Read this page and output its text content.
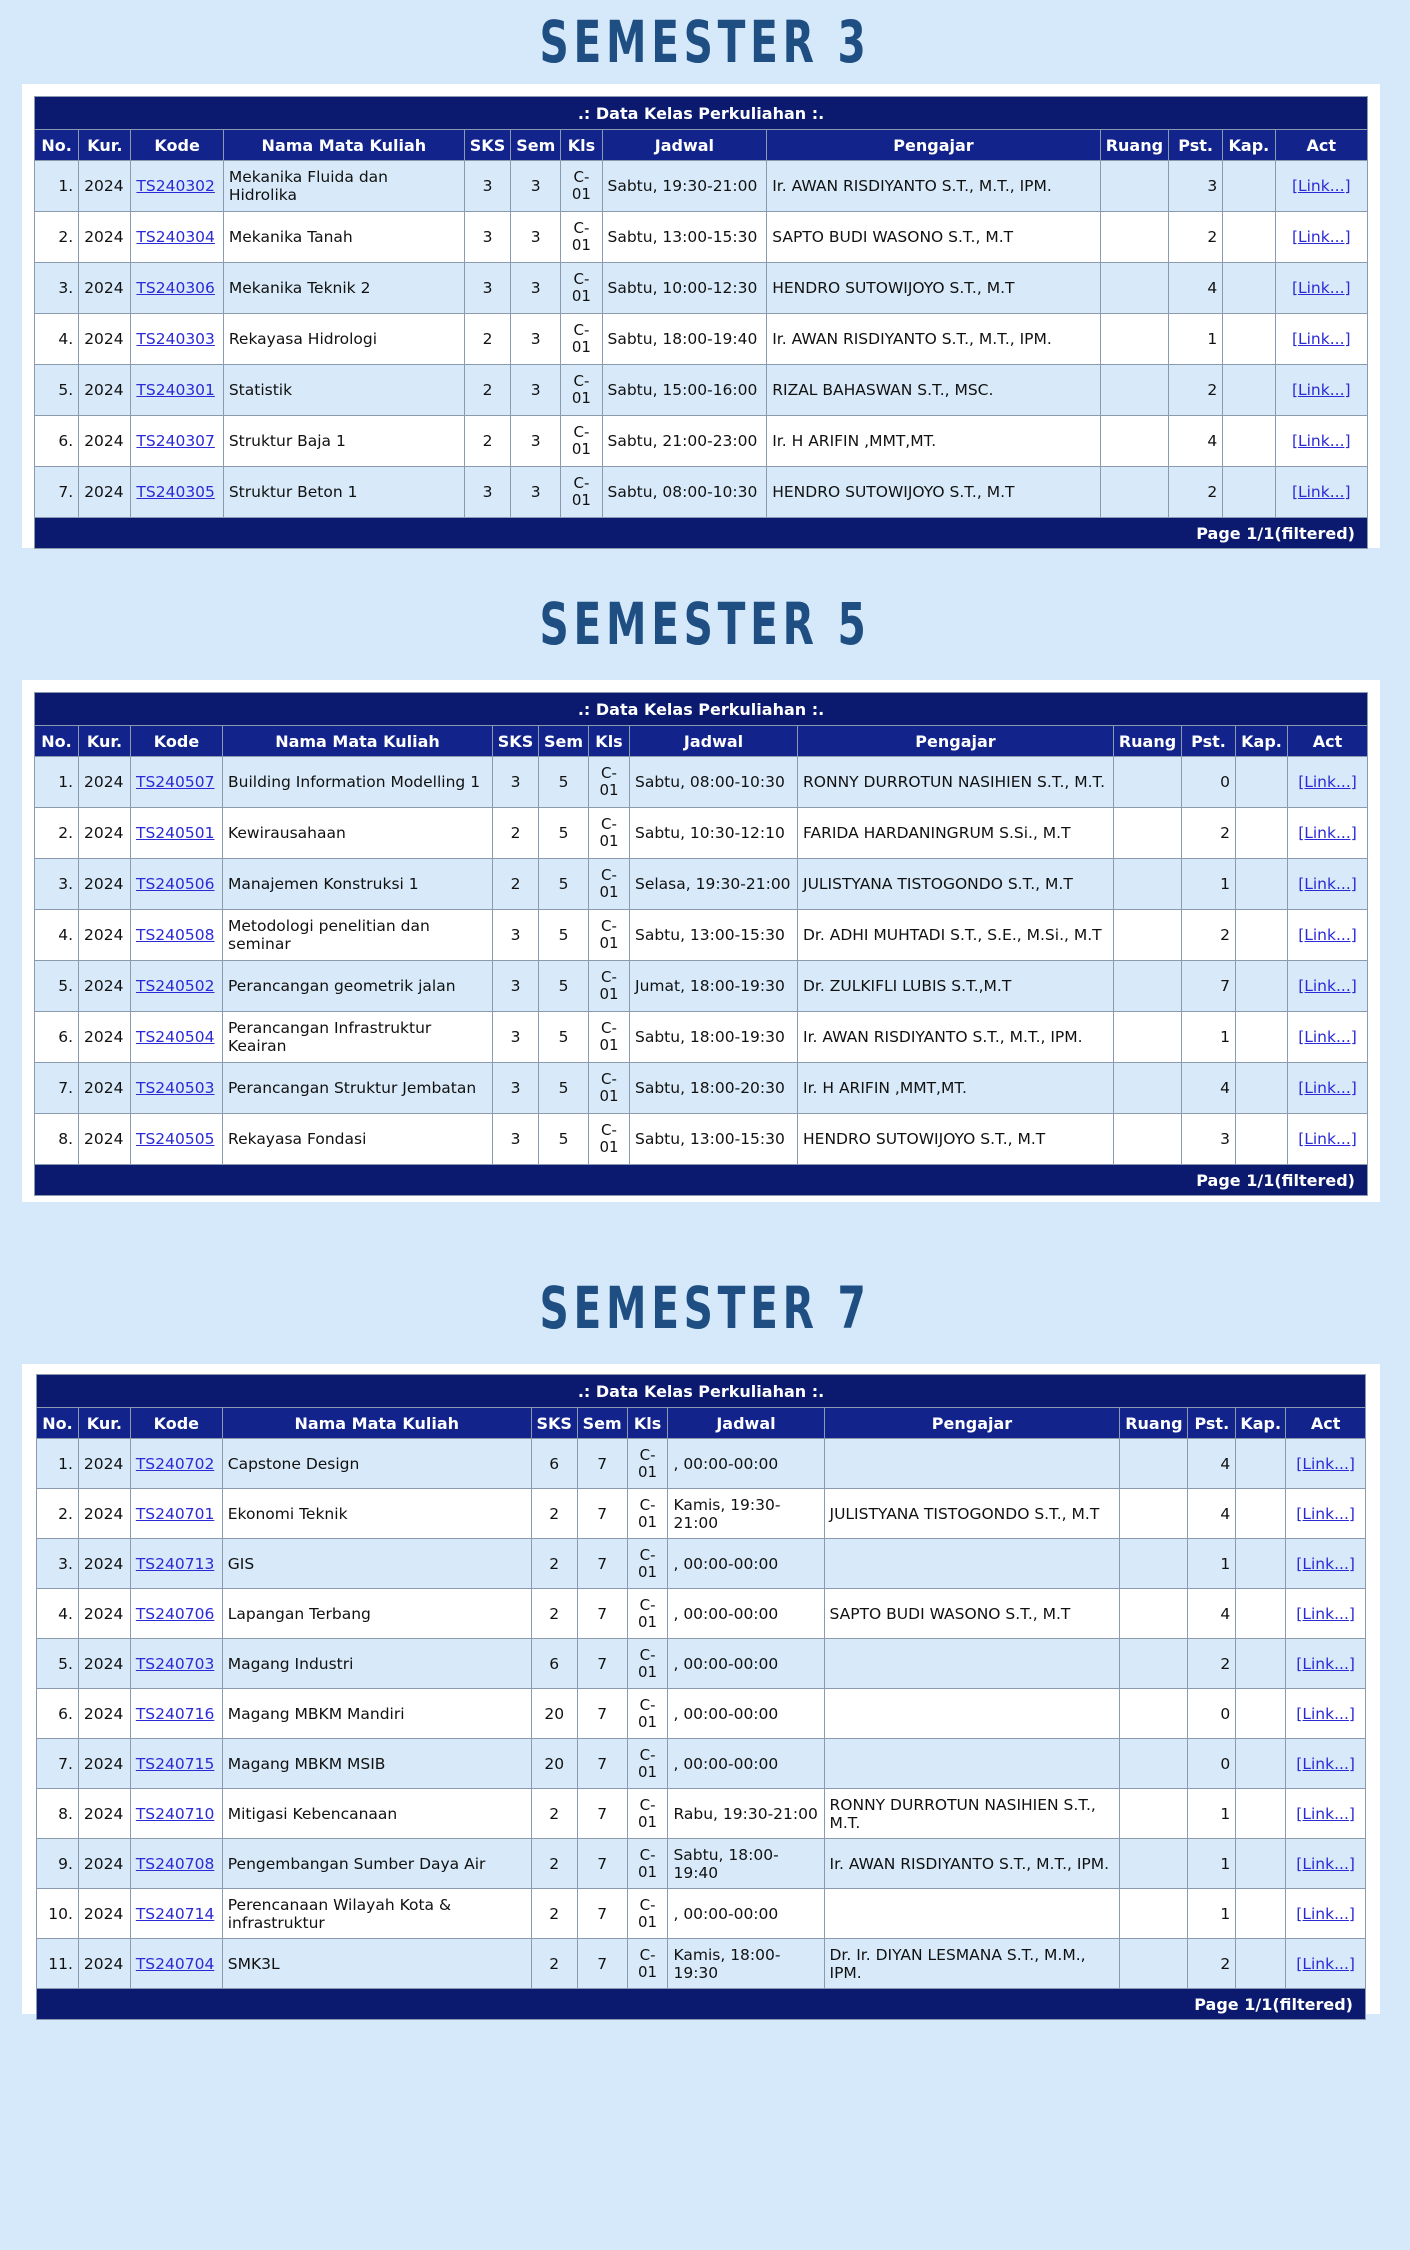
SEMESTER 3
.: Data Kelas Perkuliahan :.												
No.	Kur.	Kode	Nama Mata Kuliah	SKS	Sem	Kls	Jadwal	Pengajar	Ruang	Pst.	Kap.	Act
1.	2024	TS240302	Mekanika Fluida dan Hidrolika	3	3	C-01	Sabtu, 19:30-21:00	Ir. AWAN RISDIYANTO S.T., M.T., IPM.		3		[Link...]
2.	2024	TS240304	Mekanika Tanah	3	3	C-01	Sabtu, 13:00-15:30	SAPTO BUDI WASONO S.T., M.T		2		[Link...]
3.	2024	TS240306	Mekanika Teknik 2	3	3	C-01	Sabtu, 10:00-12:30	HENDRO SUTOWIJOYO S.T., M.T		4		[Link...]
4.	2024	TS240303	Rekayasa Hidrologi	2	3	C-01	Sabtu, 18:00-19:40	Ir. AWAN RISDIYANTO S.T., M.T., IPM.		1		[Link...]
5.	2024	TS240301	Statistik	2	3	C-01	Sabtu, 15:00-16:00	RIZAL BAHASWAN S.T., MSC.		2		[Link...]
6.	2024	TS240307	Struktur Baja 1	2	3	C-01	Sabtu, 21:00-23:00	Ir. H ARIFIN ,MMT,MT.		4		[Link...]
7.	2024	TS240305	Struktur Beton 1	3	3	C-01	Sabtu, 08:00-10:30	HENDRO SUTOWIJOYO S.T., M.T		2		[Link...]
Page 1/1(filtered)												
SEMESTER 5
.: Data Kelas Perkuliahan :.												
No.	Kur.	Kode	Nama Mata Kuliah	SKS	Sem	Kls	Jadwal	Pengajar	Ruang	Pst.	Kap.	Act
1.	2024	TS240507	Building Information Modelling 1	3	5	C-01	Sabtu, 08:00-10:30	RONNY DURROTUN NASIHIEN S.T., M.T.		0		[Link...]
2.	2024	TS240501	Kewirausahaan	2	5	C-01	Sabtu, 10:30-12:10	FARIDA HARDANINGRUM S.Si., M.T		2		[Link...]
3.	2024	TS240506	Manajemen Konstruksi 1	2	5	C-01	Selasa, 19:30-21:00	JULISTYANA TISTOGONDO S.T., M.T		1		[Link...]
4.	2024	TS240508	Metodologi penelitian dan seminar	3	5	C-01	Sabtu, 13:00-15:30	Dr. ADHI MUHTADI S.T., S.E., M.Si., M.T		2		[Link...]
5.	2024	TS240502	Perancangan geometrik jalan	3	5	C-01	Jumat, 18:00-19:30	Dr. ZULKIFLI LUBIS S.T.,M.T		7		[Link...]
6.	2024	TS240504	Perancangan Infrastruktur Keairan	3	5	C-01	Sabtu, 18:00-19:30	Ir. AWAN RISDIYANTO S.T., M.T., IPM.		1		[Link...]
7.	2024	TS240503	Perancangan Struktur Jembatan	3	5	C-01	Sabtu, 18:00-20:30	Ir. H ARIFIN ,MMT,MT.		4		[Link...]
8.	2024	TS240505	Rekayasa Fondasi	3	5	C-01	Sabtu, 13:00-15:30	HENDRO SUTOWIJOYO S.T., M.T		3		[Link...]
Page 1/1(filtered)												
SEMESTER 7
.: Data Kelas Perkuliahan :.												
No.	Kur.	Kode	Nama Mata Kuliah	SKS	Sem	Kls	Jadwal	Pengajar	Ruang	Pst.	Kap.	Act
1.	2024	TS240702	Capstone Design	6	7	C-01	, 00:00-00:00			4		[Link...]
2.	2024	TS240701	Ekonomi Teknik	2	7	C-01	Kamis, 19:30-21:00	JULISTYANA TISTOGONDO S.T., M.T		4		[Link...]
3.	2024	TS240713	GIS	2	7	C-01	, 00:00-00:00			1		[Link...]
4.	2024	TS240706	Lapangan Terbang	2	7	C-01	, 00:00-00:00	SAPTO BUDI WASONO S.T., M.T		4		[Link...]
5.	2024	TS240703	Magang Industri	6	7	C-01	, 00:00-00:00			2		[Link...]
6.	2024	TS240716	Magang MBKM Mandiri	20	7	C-01	, 00:00-00:00			0		[Link...]
7.	2024	TS240715	Magang MBKM MSIB	20	7	C-01	, 00:00-00:00			0		[Link...]
8.	2024	TS240710	Mitigasi Kebencanaan	2	7	C-01	Rabu, 19:30-21:00	RONNY DURROTUN NASIHIEN S.T., M.T.		1		[Link...]
9.	2024	TS240708	Pengembangan Sumber Daya Air	2	7	C-01	Sabtu, 18:00-19:40	Ir. AWAN RISDIYANTO S.T., M.T., IPM.		1		[Link...]
10.	2024	TS240714	Perencanaan Wilayah Kota & infrastruktur	2	7	C-01	, 00:00-00:00			1		[Link...]
11.	2024	TS240704	SMK3L	2	7	C-01	Kamis, 18:00-19:30	Dr. Ir. DIYAN LESMANA S.T., M.M., IPM.		2		[Link...]
Page 1/1(filtered)												
